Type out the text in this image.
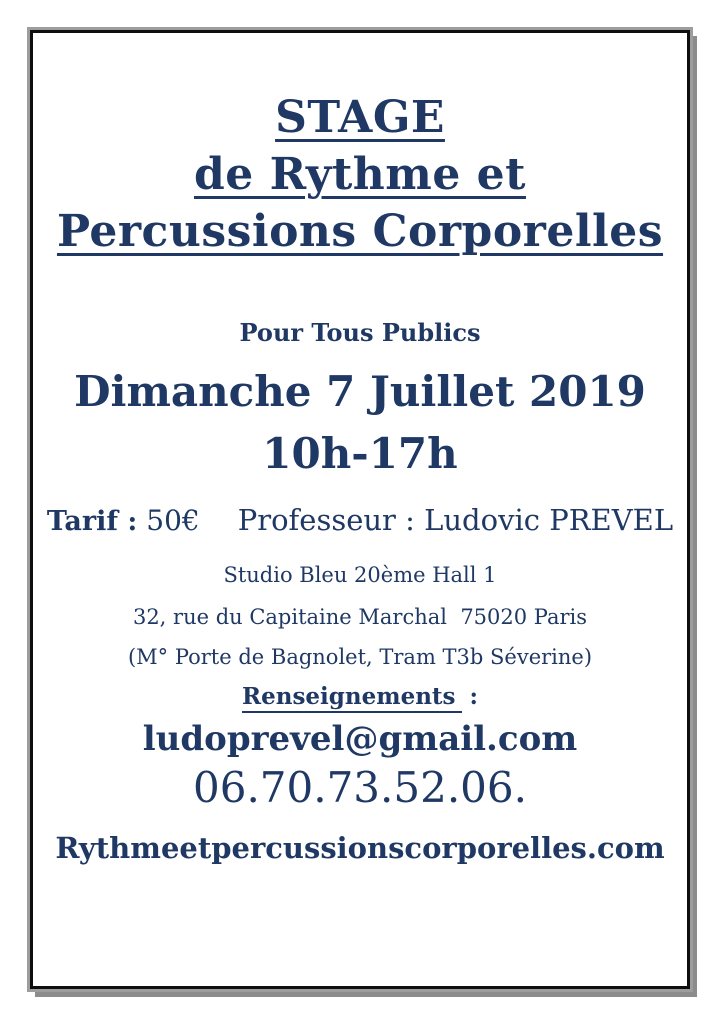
STAGE
de Rythme et
Percussions Corporelles
Pour Tous Publics
Dimanche 7 Juillet 2019
10h-17h
Tarif : 50€ Professeur : Ludovic PREVEL
Studio Bleu 20ème Hall 1
32, rue du Capitaine Marchal  75020 Paris
(M° Porte de Bagnolet, Tram T3b Séverine)
Renseignements :
ludoprevel@gmail.com
06.70.73.52.06.
Rythmeetpercussionscorporelles.com
